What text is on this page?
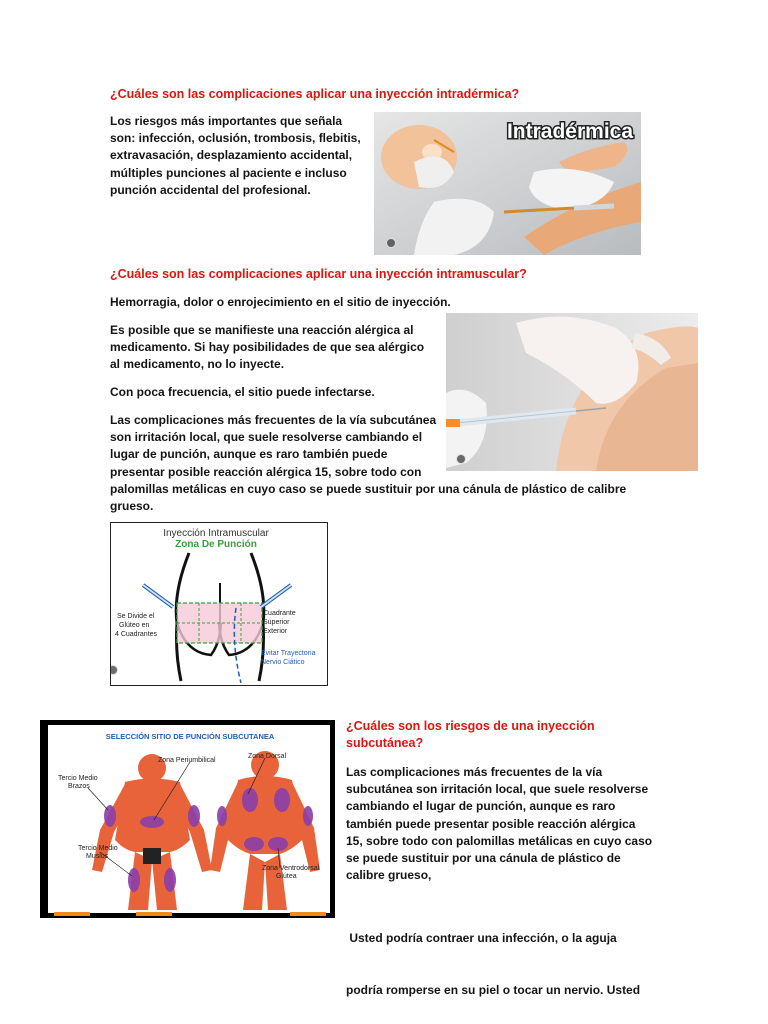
¿Cuáles son las complicaciones aplicar una inyección intradérmica?
Los riesgos más importantes que señala
son: infección, oclusión, trombosis, flebitis,
extravasación, desplazamiento accidental,
múltiples punciones al paciente e incluso
punción accidental del profesional.
Intradérmica
¿Cuáles son las complicaciones aplicar una inyección intramuscular?
Hemorragia, dolor o enrojecimiento en el sitio de inyección.
Es posible que se manifieste una reacción alérgica al
medicamento. Si hay posibilidades de que sea alérgico
al medicamento, no lo inyecte.
Con poca frecuencia, el sitio puede infectarse.
Las complicaciones más frecuentes de la vía subcutánea
son irritación local, que suele resolverse cambiando el
lugar de punción, aunque es raro también puede
presentar posible reacción alérgica 15, sobre todo con
palomillas metálicas en cuyo caso se puede sustituir por una cánula de plástico de calibre
grueso.
Inyección Intramuscular
Zona De Punción
Se Divide el
Glúteo en
4 Cuadrantes
Cuadrante
Superior
Exterior
Evitar Trayectoria
Nervio Ciático
SELECCIÓN SITIO DE PUNCIÓN SUBCUTANEA
Zona Periumbilical
Zona Dorsal
Tercio Medio
Brazos
Tercio Medio
Muslos
Zona Ventrodorsal
Glútea
¿Cuáles son los riesgos de una inyección
subcutánea?
Las complicaciones más frecuentes de la vía
subcutánea son irritación local, que suele resolverse
cambiando el lugar de punción, aunque es raro
también puede presentar posible reacción alérgica
15, sobre todo con palomillas metálicas en cuyo caso
se puede sustituir por una cánula de plástico de
calibre grueso,

Usted podría contraer una infección, o la aguja

podría romperse en su piel o tocar un nervio. Usted
